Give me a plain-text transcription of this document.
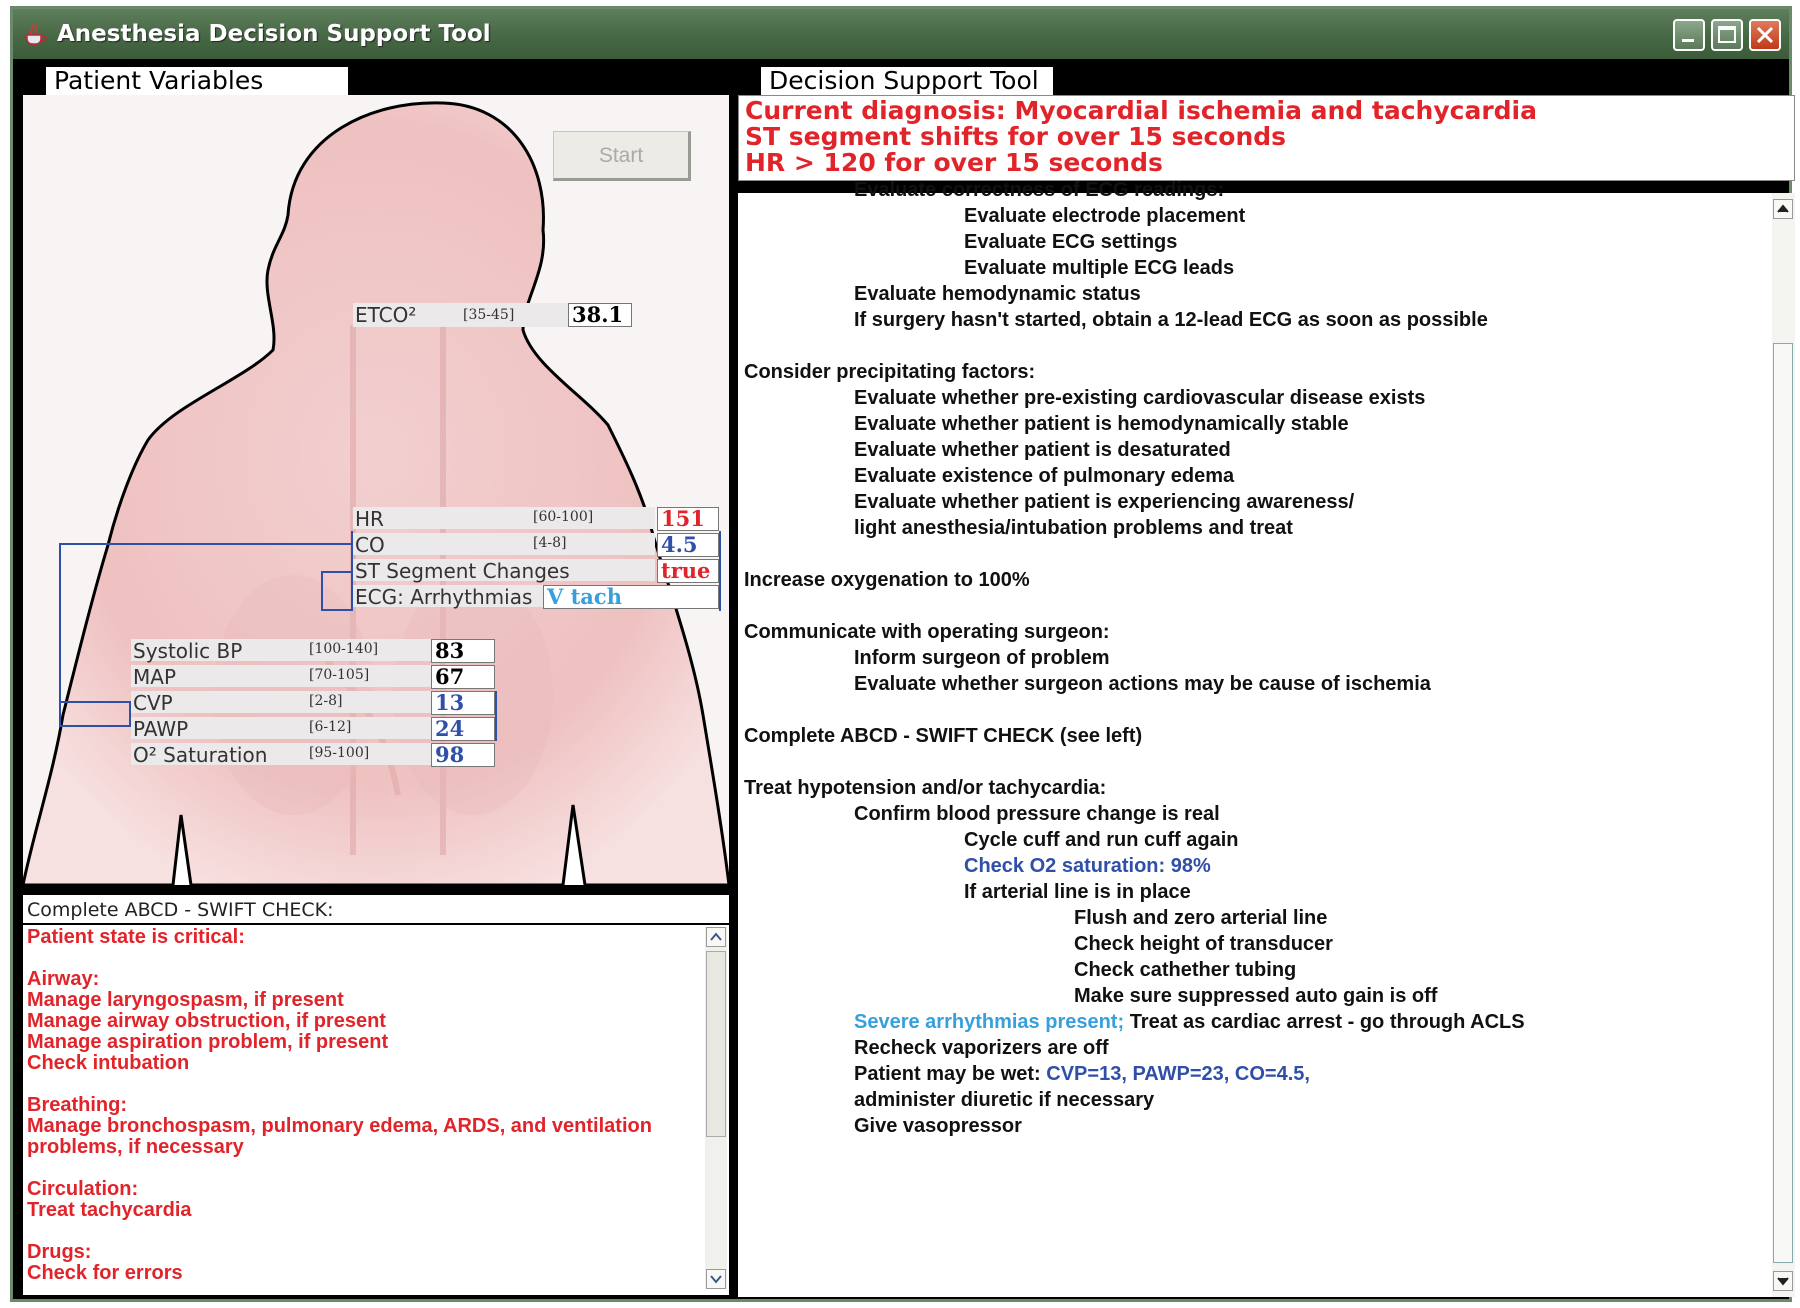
Anesthesia Decision Support Tool
Patient Variables	Decision Support Tool
Start
ETCO²	[35-45]	38.1
HR	[60-100]	151
CO	[4-8]	4.5
ST Segment Changes	true
ECG: Arrhythmias V tach
Systolic BP	[100-140]	83
MAP	[70-105]	67
CVP	[2-8]	13
PAWP	[6-12]	24
O² Saturation	[95-100]	98
Complete ABCD - SWIFT CHECK:
Patient state is critical:
Airway:
Manage laryngospasm, if present
Manage airway obstruction, if present
Manage aspiration problem, if present
Check intubation
Breathing:
Manage bronchospasm, pulmonary edema, ARDS, and ventilation
problems, if necessary
Circulation:
Treat tachycardia
Drugs:
Check for errors
Current diagnosis: Myocardial ischemia and tachycardia
ST segment shifts for over 15 seconds
HR > 120 for over 15 seconds
Evaluate correctness of ECG readings:
Evaluate electrode placement
Evaluate ECG settings
Evaluate multiple ECG leads
Evaluate hemodynamic status
If surgery hasn't started, obtain a 12-lead ECG as soon as possible
Consider precipitating factors:
Evaluate whether pre-existing cardiovascular disease exists
Evaluate whether patient is hemodynamically stable
Evaluate whether patient is desaturated
Evaluate existence of pulmonary edema
Evaluate whether patient is experiencing awareness/
light anesthesia/intubation problems and treat
Increase oxygenation to 100%
Communicate with operating surgeon:
Inform surgeon of problem
Evaluate whether surgeon actions may be cause of ischemia
Complete ABCD - SWIFT CHECK (see left)
Treat hypotension and/or tachycardia:
Confirm blood pressure change is real
Cycle cuff and run cuff again
Check O2 saturation: 98%
If arterial line is in place
Flush and zero arterial line
Check height of transducer
Check cathether tubing
Make sure suppressed auto gain is off
Severe arrhythmias present; Treat as cardiac arrest - go through ACLS
Recheck vaporizers are off
Patient may be wet: CVP=13, PAWP=23, CO=4.5,
administer diuretic if necessary
Give vasopressor
